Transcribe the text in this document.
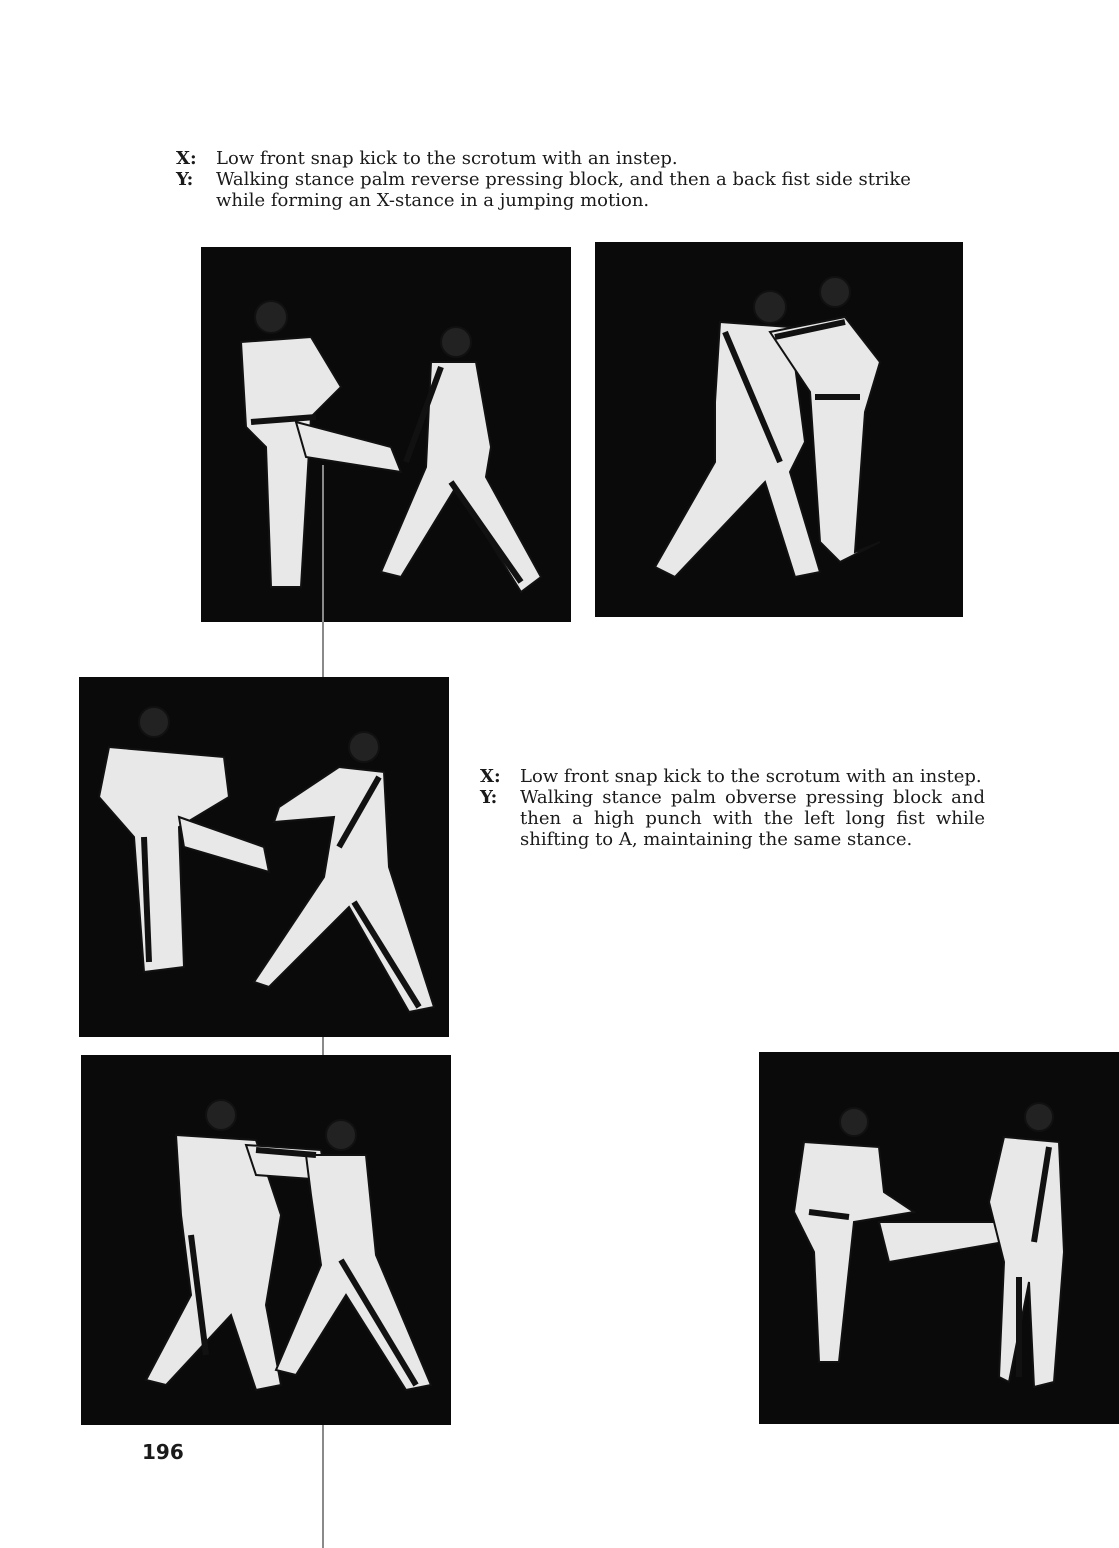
X:	Low front snap kick to the scrotum with an instep.
Y:	Walking stance palm reverse pressing block, and then a back fist side strike while forming an X-stance in a jumping motion.
X:	Low front snap kick to the scrotum with an instep.
Y:	Walking stance palm obverse pressing block and then a high punch with the left long fist while shifting to A, maintaining the same stance.
196
